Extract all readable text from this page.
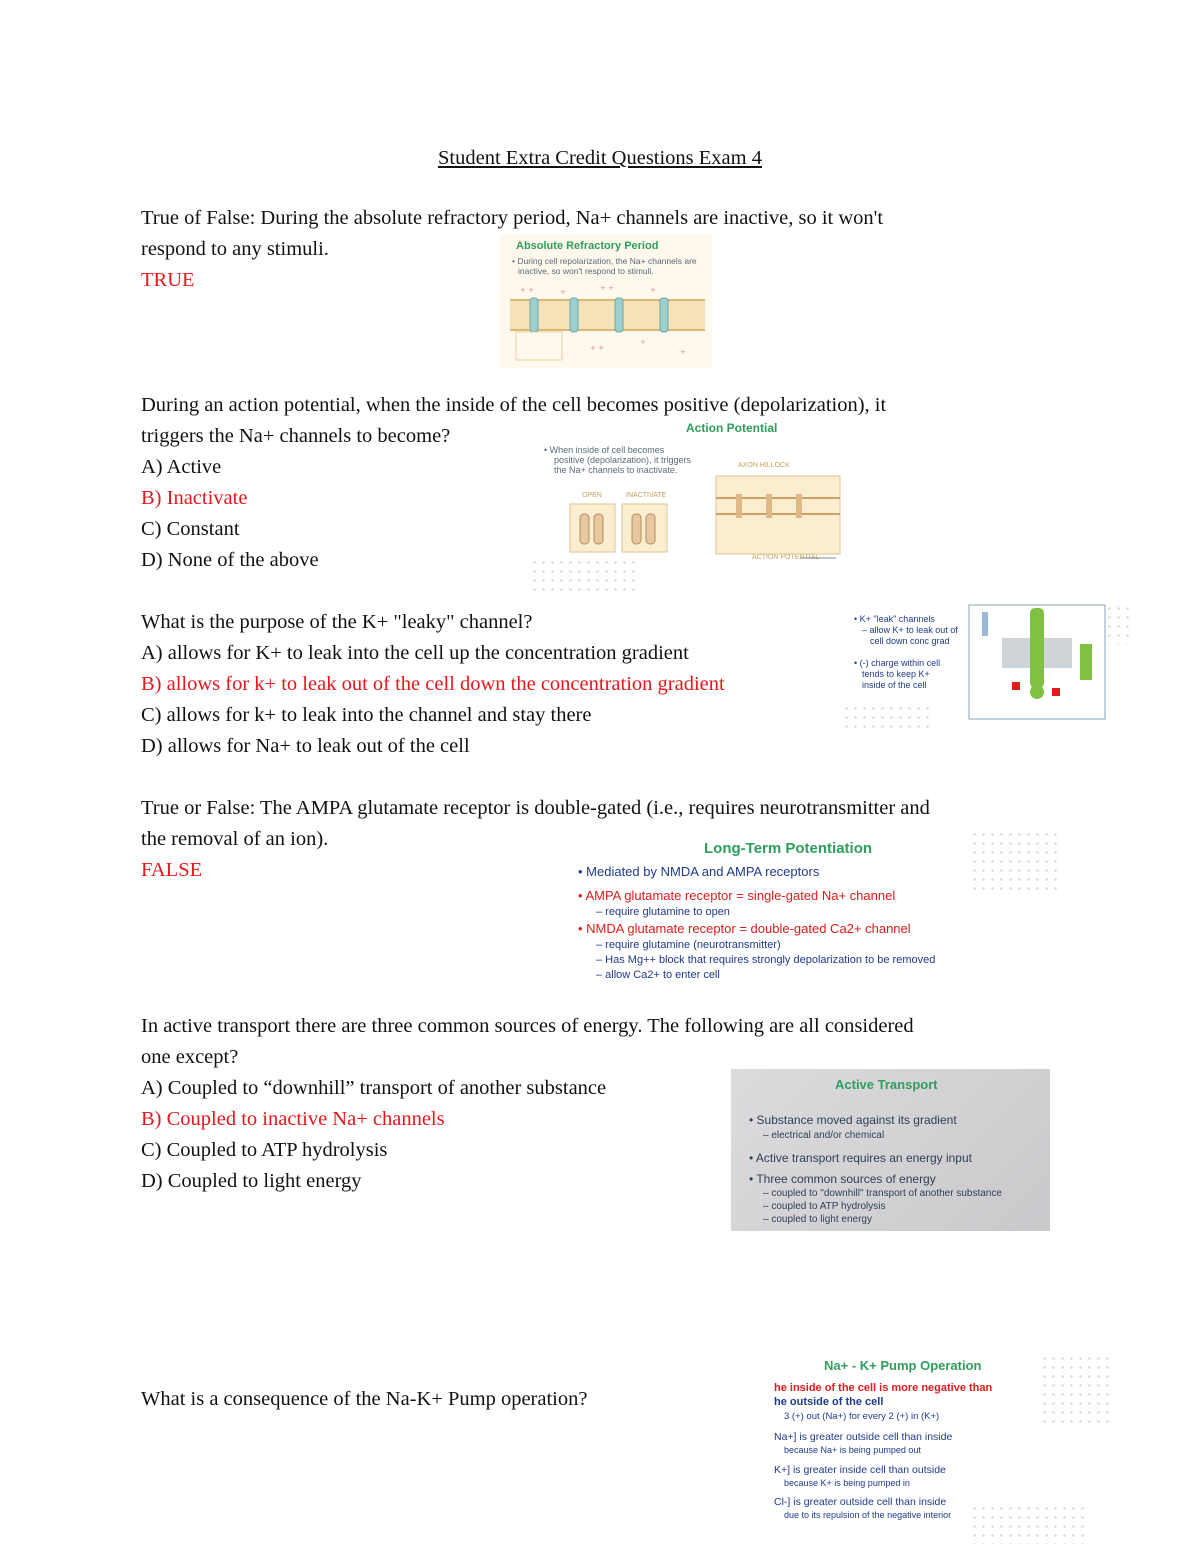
Student Extra Credit Questions Exam 4
True of False: During the absolute refractory period, Na+ channels are inactive, so it won't
respond to any stimuli.
TRUE
Absolute Refractory Period
• During cell repolarization, the Na+ channels are
inactive, so won't respond to stimuli.
+ +	+	+ +	+
+ +
+
+
During an action potential, when the inside of the cell becomes positive (depolarization), it
triggers the Na+ channels to become?
A) Active
B) Inactivate
C) Constant
D) None of the above
Action Potential
• When inside of cell becomes
positive (depolarization), it triggers
the Na+ channels to inactivate.
OPEN	INACTIVATE
AXON HILLOCK
ACTION POTENTIAL
What is the purpose of the K+ "leaky" channel?
A) allows for K+ to leak into the cell up the concentration gradient
B) allows for k+ to leak out of the cell down the concentration gradient
C) allows for k+ to leak into the channel and stay there
D) allows for Na+ to leak out of the cell
• K+ "leak" channels
– allow K+ to leak out of
cell down conc grad
• (-) charge within cell
tends to keep K+
inside of the cell
True or False: The AMPA glutamate receptor is double-gated (i.e., requires neurotransmitter and
the removal of an ion).
FALSE
Long-Term Potentiation
• Mediated by NMDA and AMPA receptors
• AMPA glutamate receptor = single-gated Na+ channel
– require glutamine to open
• NMDA glutamate receptor = double-gated Ca2+ channel
– require glutamine (neurotransmitter)
– Has Mg++ block that requires strongly depolarization to be removed
– allow Ca2+ to enter cell
In active transport there are three common sources of energy. The following are all considered
one except?
A) Coupled to “downhill” transport of another substance
B) Coupled to inactive Na+ channels
C) Coupled to ATP hydrolysis
D) Coupled to light energy
Active Transport
• Substance moved against its gradient
– electrical and/or chemical
• Active transport requires an energy input
• Three common sources of energy
– coupled to "downhill" transport of another substance
– coupled to ATP hydrolysis
– coupled to light energy
What is a consequence of the Na-K+ Pump operation?
Na+ - K+ Pump Operation
he inside of the cell is more negative than
he outside of the cell
3 (+) out (Na+) for every 2 (+) in (K+)
Na+] is greater outside cell than inside
because Na+ is being pumped out
K+] is greater inside cell than outside
because K+ is being pumped in
Cl-] is greater outside cell than inside
due to its repulsion of the negative interior
